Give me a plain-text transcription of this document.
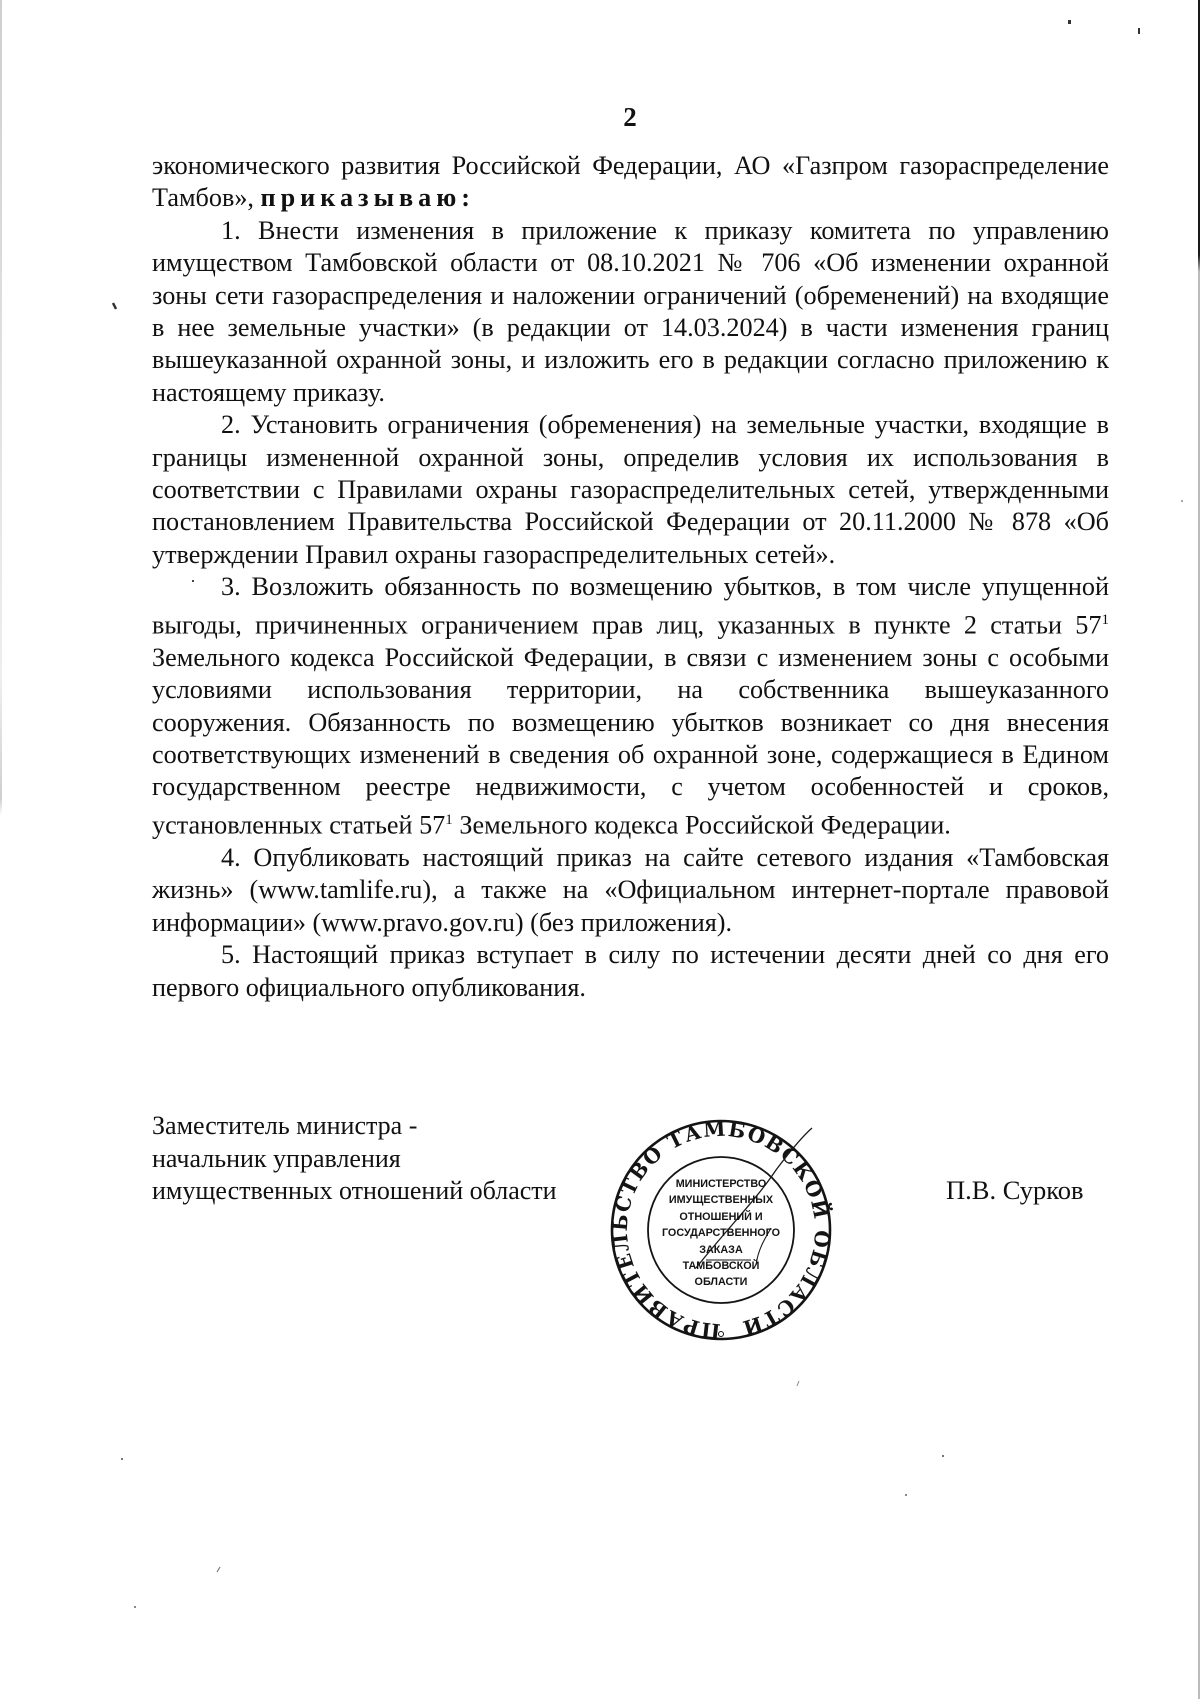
2

экономического развития Российской Федерации, АО «Газпром газораспределение Тамбов», приказываю:

1. Внести изменения в приложение к приказу комитета по управлению имуществом Тамбовской области от 08.10.2021 № 706 «Об изменении охранной зоны сети газораспределения и наложении ограничений (обременений) на входящие в нее земельные участки» (в редакции от 14.03.2024) в части изменения границ вышеуказанной охранной зоны, и изложить его в редакции согласно приложению к настоящему приказу.

2. Установить ограничения (обременения) на земельные участки, входящие в границы измененной охранной зоны, определив условия их использования в соответствии с Правилами охраны газораспределительных сетей, утвержденными постановлением Правительства Российской Федерации от 20.11.2000 № 878 «Об утверждении Правил охраны газораспределительных сетей».

3. Возложить обязанность по возмещению убытков, в том числе упущенной выгоды, причиненных ограничением прав лиц, указанных в пункте 2 статьи $57^1$ Земельного кодекса Российской Федерации, в связи с изменением зоны с особыми условиями использования территории, на собственника вышеуказанного сооружения. Обязанность по возмещению убытков возникает со дня внесения соответствующих изменений в сведения об охранной зоне, содержащиеся в Едином государственном реестре недвижимости, с учетом особенностей и сроков, установленных статьей $57^1$ Земельного кодекса Российской Федерации.

4. Опубликовать настоящий приказ на сайте сетевого издания «Тамбовская жизнь» (www.tamlife.ru), а также на «Официальном интернет-портале правовой информации» (www.pravo.gov.ru) (без приложения).

5. Настоящий приказ вступает в силу по истечении десяти дней со дня его первого официального опубликования.

Заместитель министра -
начальник управления
имущественных отношений области
ПРАВИТЕЛЬСТВО ТАМБОВСКОЙ ОБЛАСТИ
МИНИСТЕРСТВО
ИМУЩЕСТВЕННЫХ
ОТНОШЕНИЙ И
ГОСУДАРСТВЕННОГО
ЗАКАЗА
ТАМБОВСКОЙ
ОБЛАСТИ
П.В. Сурков
